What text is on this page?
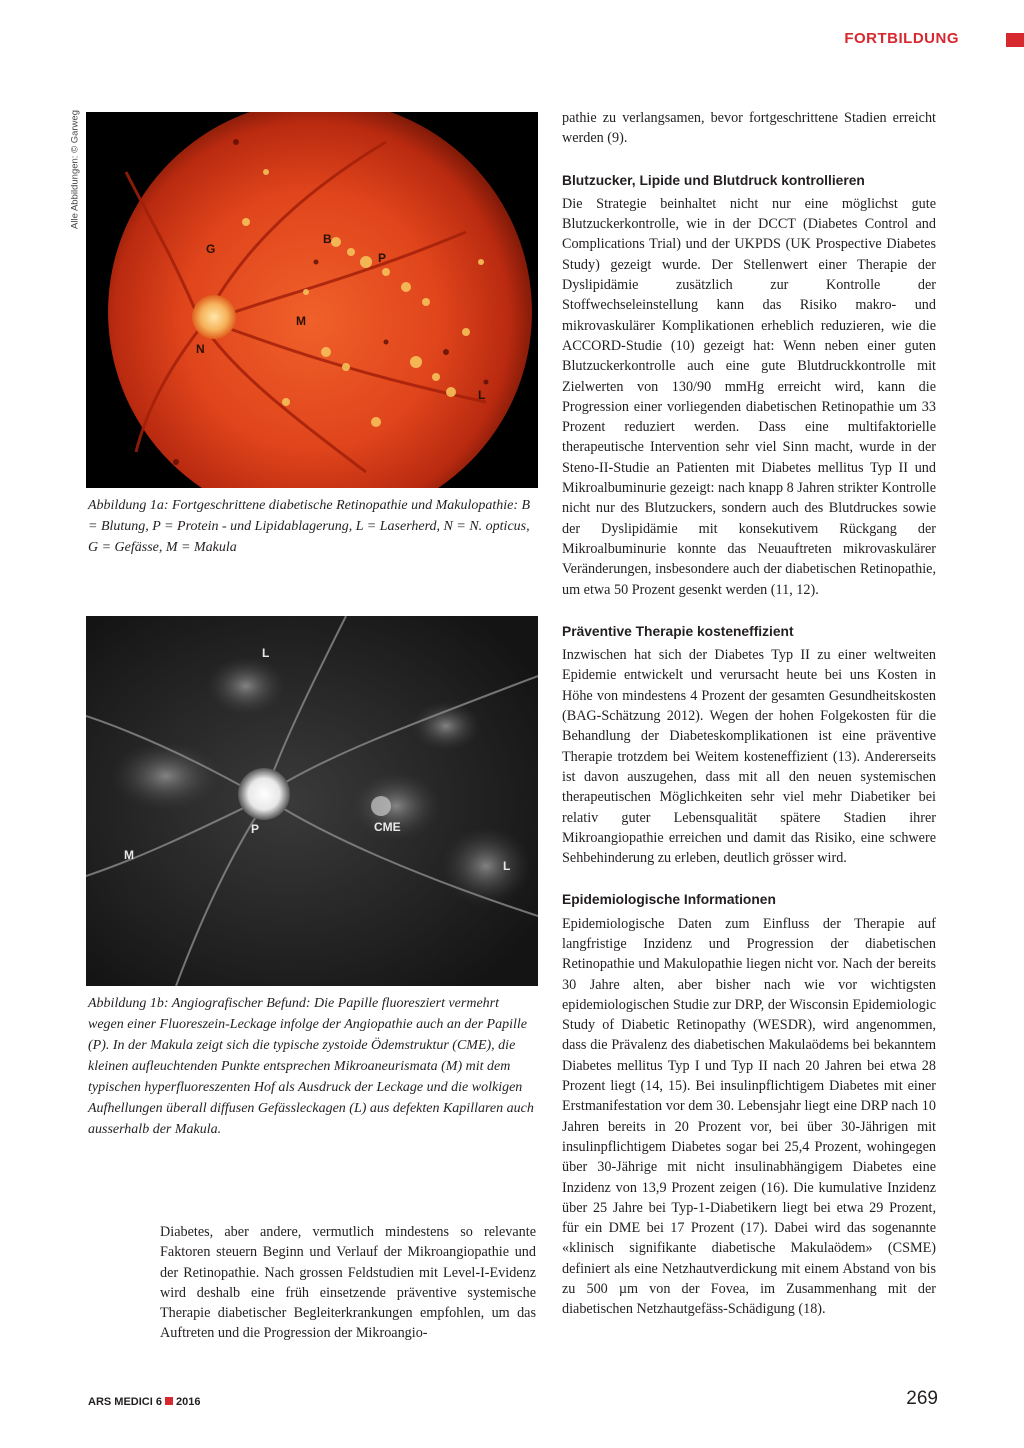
FORTBILDUNG
Alle Abbildungen: © Garweg
G
B
P
M
N
L
Abbildung 1a: Fortgeschrittene diabetische Retinopathie und Makulopathie: B = Blutung, P = Protein - und Lipidablagerung, L = Laserherd, N = N. opticus, G = Gefässe, M = Makula
L
P	CME
M
L
Abbildung 1b: Angiografischer Befund: Die Papille fluoresziert vermehrt wegen einer Fluoreszein-Leckage infolge der Angiopathie auch an der Papille (P). In der Makula zeigt sich die typische zystoide Ödemstruktur (CME), die kleinen aufleuchtenden Punkte entsprechen Mikroaneurismata (M) mit dem typischen hyperfluoreszenten Hof als Ausdruck der Leckage und die wolkigen Aufhellungen überall diffusen Gefässleckagen (L) aus defekten Kapillaren auch ausserhalb der Makula.

Diabetes, aber andere, vermutlich mindestens so relevante Faktoren steuern Beginn und Verlauf der Mikroangiopathie und der Retinopathie. Nach grossen Feldstudien mit Level-I-Evidenz wird deshalb eine früh einsetzende präventive systemische Therapie diabetischer Begleiterkrankungen empfohlen, um das Auftreten und die Progression der Mikroangio-

pathie zu verlangsamen, bevor fortgeschrittene Stadien erreicht werden (9).

Blutzucker, Lipide und Blutdruck kontrollieren

Die Strategie beinhaltet nicht nur eine möglichst gute Blutzuckerkontrolle, wie in der DCCT (Diabetes Control and Complications Trial) und der UKPDS (UK Prospective Diabetes Study) gezeigt wurde. Der Stellenwert einer Therapie der Dyslipidämie zusätzlich zur Kontrolle der Stoffwechseleinstellung kann das Risiko makro- und mikrovaskulärer Komplikationen erheblich reduzieren, wie die ACCORD-Studie (10) gezeigt hat: Wenn neben einer guten Blutzuckerkontrolle auch eine gute Blutdruckkontrolle mit Zielwerten von 130/90 mmHg erreicht wird, kann die Progression einer vorliegenden diabetischen Retinopathie um 33 Prozent reduziert werden. Dass eine multifaktorielle therapeutische Intervention sehr viel Sinn macht, wurde in der Steno-II-Studie an Patienten mit Diabetes mellitus Typ II und Mikroalbuminurie gezeigt: nach knapp 8 Jahren strikter Kontrolle nicht nur des Blutzuckers, sondern auch des Blutdruckes sowie der Dyslipidämie mit konsekutivem Rückgang der Mikroalbuminurie konnte das Neuauftreten mikrovaskulärer Veränderungen, insbesondere auch der diabetischen Retinopathie, um etwa 50 Prozent gesenkt werden (11, 12).

Präventive Therapie kosteneffizient

Inzwischen hat sich der Diabetes Typ II zu einer weltweiten Epidemie entwickelt und verursacht heute bei uns Kosten in Höhe von mindestens 4 Prozent der gesamten Gesundheitskosten (BAG-Schätzung 2012). Wegen der hohen Folgekosten für die Behandlung der Diabeteskomplikationen ist eine präventive Therapie trotzdem bei Weitem kosteneffizient (13). Andererseits ist davon auszugehen, dass mit all den neuen systemischen therapeutischen Möglichkeiten sehr viel mehr Diabetiker bei relativ guter Lebensqualität spätere Stadien ihrer Mikroangiopathie erreichen und damit das Risiko, eine schwere Sehbehinderung zu erleben, deutlich grösser wird.

Epidemiologische Informationen

Epidemiologische Daten zum Einfluss der Therapie auf langfristige Inzidenz und Progression der diabetischen Retinopathie und Makulopathie liegen nicht vor. Nach der bereits 30 Jahre alten, aber bisher nach wie vor wichtigsten epidemiologischen Studie zur DRP, der Wisconsin Epidemiologic Study of Diabetic Retinopathy (WESDR), wird angenommen, dass die Prävalenz des diabetischen Makulaödems bei bekanntem Diabetes mellitus Typ I und Typ II nach 20 Jahren bei etwa 28 Prozent liegt (14, 15). Bei insulinpflichtigem Diabetes mit einer Erstmanifestation vor dem 30. Lebensjahr liegt eine DRP nach 10 Jahren bereits in 20 Prozent vor, bei über 30-Jährigen mit insulinpflichtigem Diabetes sogar bei 25,4 Prozent, wohingegen über 30-Jährige mit nicht insulinabhängigem Diabetes eine Inzidenz von 13,9 Prozent zeigen (16). Die kumulative Inzidenz über 25 Jahre bei Typ-1-Diabetikern liegt bei etwa 29 Prozent, für ein DME bei 17 Prozent (17). Dabei wird das sogenannte «klinisch signifikante diabetische Makulaödem» (CSME) definiert als eine Netzhautverdickung mit einem Abstand von bis zu 500 µm von der Fovea, im Zusammenhang mit der diabetischen Netzhautgefäss-Schädigung (18).

ARS MEDICI 6 2016	269
